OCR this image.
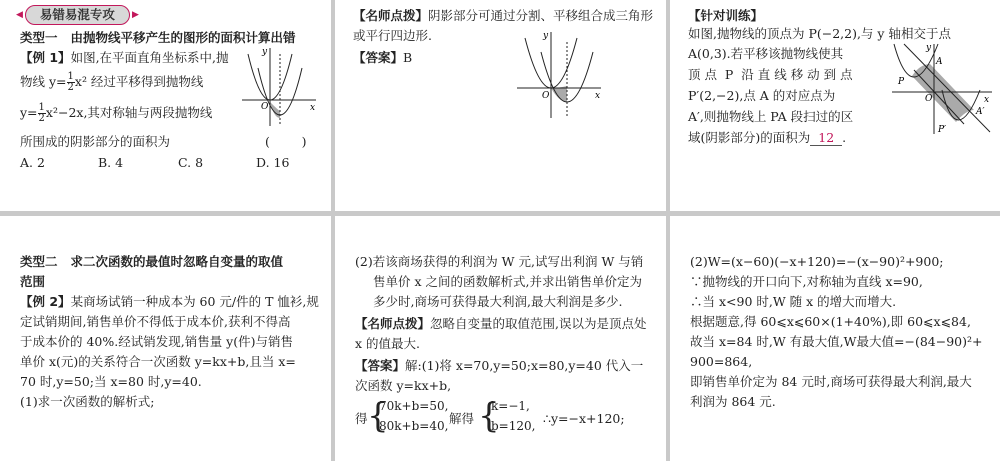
◀	易错易混专攻	▶
类型一   由抛物线平移产生的图形的面积计算出错
【例 1】如图,在平面直角坐标系中,抛
物线 $y= \frac{1}{2} x^2$ 经过平移得到抛物线
$y= \frac{1}{2} x^2-2x$,其对称轴与两段抛物线
所围成的阴影部分的面积为	(        )
A. 2	B. 4	C. 8	D. 16
y
x
O
【名师点拨】阴影部分可通过分割、平移组合成三角形
或平行四边形.
【答案】B
y
x
O
【针对训练】
如图,抛物线的顶点为 P(−2,2),与 y 轴相交于点
A(0,3).若平移该抛物线使其
顶 点  P  沿 直 线 移 动 到 点
P′(2,−2),点 A 的对应点为
A′,则抛物线上 PA 段扫过的区
域(阴影部分)的面积为 12 .
y
x
O
A
P
P′
A′
类型二   求二次函数的最值时忽略自变量的取值
范围
【例 2】某商场试销一种成本为 60 元/件的 T 恤衫,规
定试销期间,销售单价不得低于成本价,获利不得高
于成本价的 40%.经试销发现,销售量 y(件)与销售
单价 x(元)的关系符合一次函数 y=kx+b,且当 x=
70 时,y=50;当 x=80 时,y=40.
(1)求一次函数的解析式;
(2)若该商场获得的利润为 W 元,试写出利润 W 与销
售单价 x 之间的函数解析式,并求出销售单价定为
多少时,商场可获得最大利润,最大利润是多少.
【名师点拨】忽略自变量的取值范围,误以为是顶点处
x 的值最大.
【答案】解:(1)将 x=70,y=50;x=80,y=40 代入一
次函数 y=kx+b,
得 {
70k+b=50,
80k+b=40, 解得 {
k=−1,
b=120, ∴y=−x+120;
(2)W=(x−60)(−x+120)=−(x−90)²+900;
∵抛物线的开口向下,对称轴为直线 x=90,
∴当 x<90 时,W 随 x 的增大而增大.
根据题意,得 60⩽x⩽60×(1+40%),即 60⩽x⩽84,
故当 x=84 时,W 有最大值,W最大值=−(84−90)²+
900=864,
即销售单价定为 84 元时,商场可获得最大利润,最大
利润为 864 元.
